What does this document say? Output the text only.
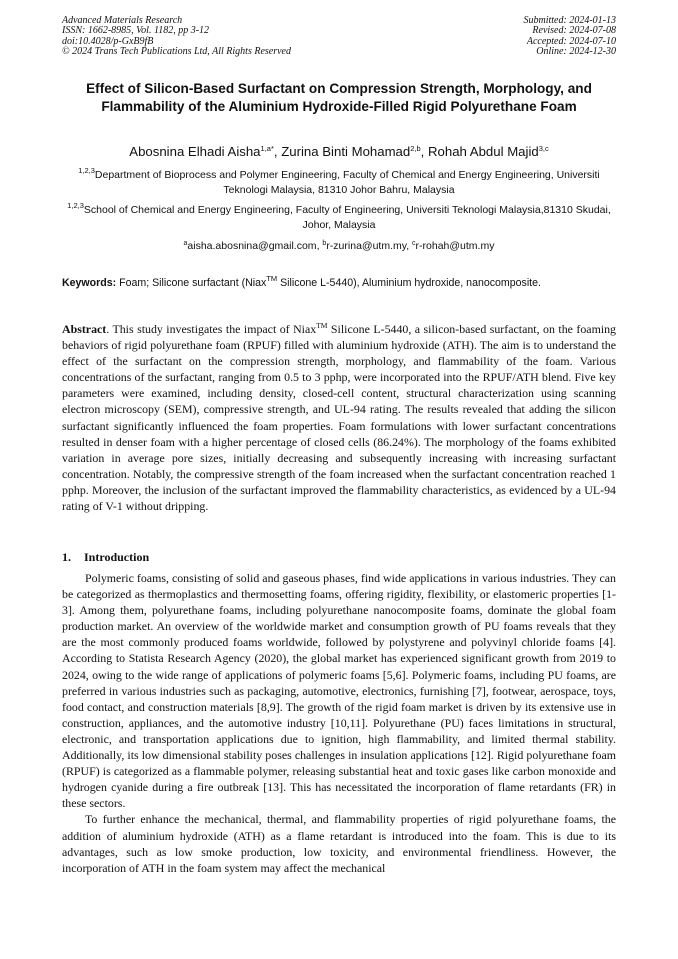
Advanced Materials Research
ISSN: 1662-8985, Vol. 1182, pp 3-12
doi:10.4028/p-GxB9fB
© 2024 Trans Tech Publications Ltd, All Rights Reserved
Submitted: 2024-01-13
Revised: 2024-07-08
Accepted: 2024-07-10
Online: 2024-12-30
Effect of Silicon-Based Surfactant on Compression Strength, Morphology, and Flammability of the Aluminium Hydroxide-Filled Rigid Polyurethane Foam
Abosnina Elhadi Aisha$^{1,a*}$, Zurina Binti Mohamad$^{2,b}$, Rohah Abdul Majid$^{3,c}$
$^{1,2,3}$Department of Bioprocess and Polymer Engineering, Faculty of Chemical and Energy Engineering, Universiti Teknologi Malaysia, 81310 Johor Bahru, Malaysia
$^{1,2,3}$School of Chemical and Energy Engineering, Faculty of Engineering, Universiti Teknologi Malaysia,81310 Skudai, Johor, Malaysia
$^a$aisha.abosnina@gmail.com, $^b$r-zurina@utm.my, $^c$r-rohah@utm.my
Keywords: Foam; Silicone surfactant (Niax™ Silicone L-5440), Aluminium hydroxide, nanocomposite.
Abstract. This study investigates the impact of Niax™ Silicone L-5440, a silicon-based surfactant, on the foaming behaviors of rigid polyurethane foam (RPUF) filled with aluminium hydroxide (ATH). The aim is to understand the effect of the surfactant on the compression strength, morphology, and flammability of the foam. Various concentrations of the surfactant, ranging from 0.5 to 3 pphp, were incorporated into the RPUF/ATH blend. Five key parameters were examined, including density, closed-cell content, structural characterization using scanning electron microscopy (SEM), compressive strength, and UL-94 rating. The results revealed that adding the silicon surfactant significantly influenced the foam properties. Foam formulations with lower surfactant concentrations resulted in denser foam with a higher percentage of closed cells (86.24%). The morphology of the foams exhibited variation in average pore sizes, initially decreasing and subsequently increasing with increasing surfactant concentration. Notably, the compressive strength of the foam increased when the surfactant concentration reached 1 pphp. Moreover, the inclusion of the surfactant improved the flammability characteristics, as evidenced by a UL-94 rating of V-1 without dripping.
1. Introduction

Polymeric foams, consisting of solid and gaseous phases, find wide applications in various industries. They can be categorized as thermoplastics and thermosetting foams, offering rigidity, flexibility, or elastomeric properties [1-3]. Among them, polyurethane foams, including polyurethane nanocomposite foams, dominate the global foam production market. An overview of the worldwide market and consumption growth of PU foams reveals that they are the most commonly produced foams worldwide, followed by polystyrene and polyvinyl chloride foams [4]. According to Statista Research Agency (2020), the global market has experienced significant growth from 2019 to 2024, owing to the wide range of applications of polymeric foams [5,6]. Polymeric foams, including PU foams, are preferred in various industries such as packaging, automotive, electronics, furnishing [7], footwear, aerospace, toys, food contact, and construction materials [8,9]. The growth of the rigid foam market is driven by its extensive use in construction, appliances, and the automotive industry [10,11]. Polyurethane (PU) faces limitations in structural, electronic, and transportation applications due to ignition, high flammability, and limited thermal stability. Additionally, its low dimensional stability poses challenges in insulation applications [12]. Rigid polyurethane foam (RPUF) is categorized as a flammable polymer, releasing substantial heat and toxic gases like carbon monoxide and hydrogen cyanide during a fire outbreak [13]. This has necessitated the incorporation of flame retardants (FR) in these sectors.

To further enhance the mechanical, thermal, and flammability properties of rigid polyurethane foams, the addition of aluminium hydroxide (ATH) as a flame retardant is introduced into the foam. This is due to its advantages, such as low smoke production, low toxicity, and environmental friendliness. However, the incorporation of ATH in the foam system may affect the mechanical
